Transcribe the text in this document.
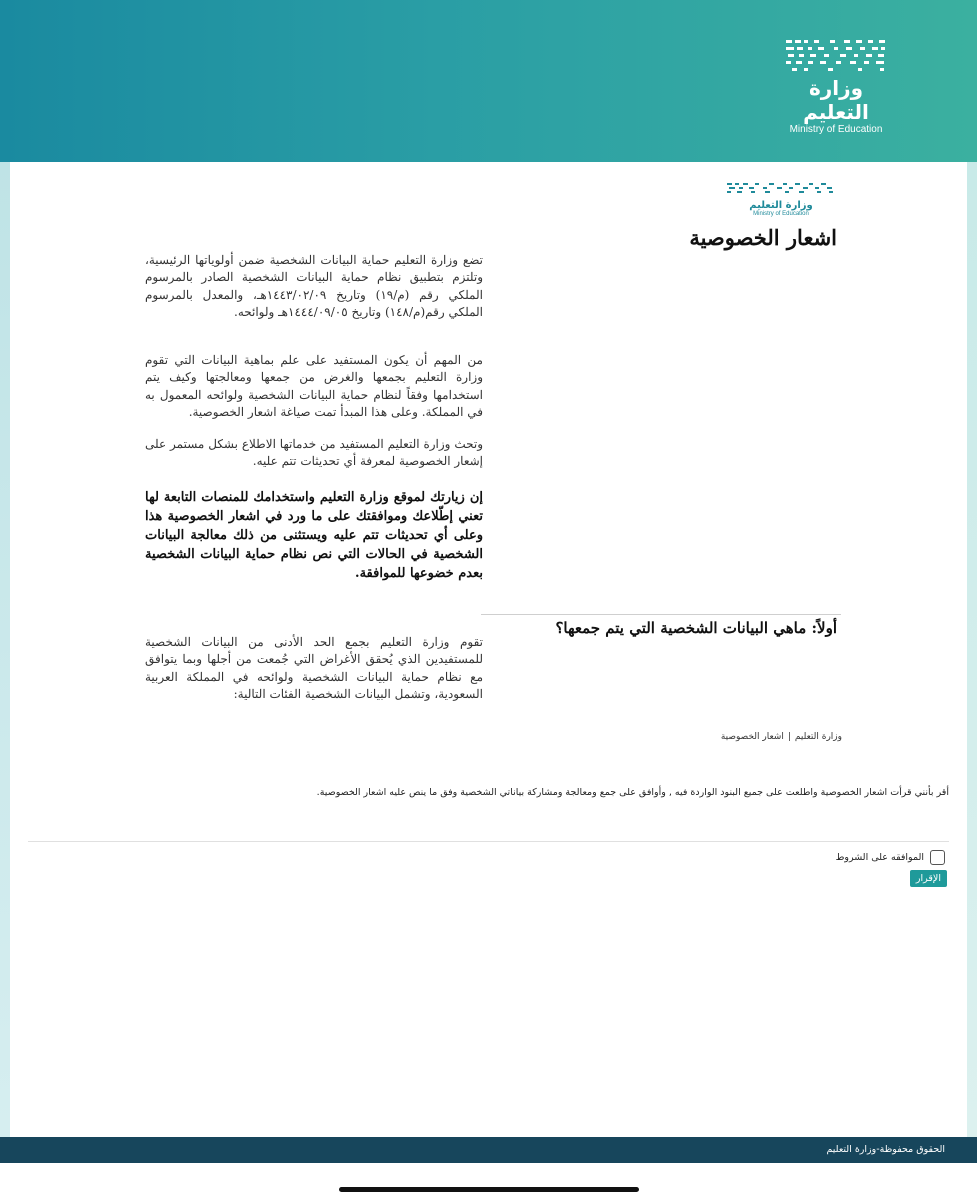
وزارة التعليم
Ministry of Education
وزارة التعليم
Ministry of Education
اشعار الخصوصية

تضع وزارة التعليم حماية البيانات الشخصية ضمن أولوياتها الرئيسية، وتلتزم بتطبيق نظام حماية البيانات الشخصية الصادر بالمرسوم الملكي رقم (م/١٩) وتاريخ ١٤٤٣/٠٢/٠٩هـ، والمعدل بالمرسوم الملكي رقم(م/١٤٨) وتاريخ ١٤٤٤/٠٩/٠٥هـ ولوائحه.

من المهم أن يكون المستفيد على علم بماهية البيانات التي تقوم وزارة التعليم بجمعها والغرض من جمعها ومعالجتها وكيف يتم استخدامها وفقاً لنظام حماية البيانات الشخصية ولوائحه المعمول به في المملكة. وعلى هذا المبدأ تمت صياغة اشعار الخصوصية.

وتحث وزارة التعليم المستفيد من خدماتها الاطلاع بشكل مستمر على إشعار الخصوصية لمعرفة أي تحديثات تتم عليه.

إن زيارتك لموقع وزارة التعليم واستخدامك للمنصات التابعة لها تعني إطّلاعك وموافقتك على ما ورد في اشعار الخصوصية هذا وعلى أي تحديثات تتم عليه ويستثنى من ذلك معالجة البيانات الشخصية في الحالات التي نص نظام حماية البيانات الشخصية بعدم خضوعها للموافقة.

أولاً: ماهي البيانات الشخصية التي يتم جمعها؟

تقوم وزارة التعليم بجمع الحد الأدنى من البيانات الشخصية للمستفيدين الذي يُحقق الأغراض التي جُمعت من أجلها وبما يتوافق مع نظام حماية البيانات الشخصية ولوائحه في المملكة العربية السعودية، وتشمل البيانات الشخصية الفئات التالية:

وزارة التعليم|اشعار الخصوصية

أقر بأنني قرأت اشعار الخصوصية واطلعت على جميع البنود الواردة فيه , وأوافق على جمع ومعالجة ومشاركة بياناتي الشخصية وفق ما ينص عليه اشعار الخصوصية.

الموافقه على الشروط
الإقرار
الحقوق محفوظة-وزارة التعليم
